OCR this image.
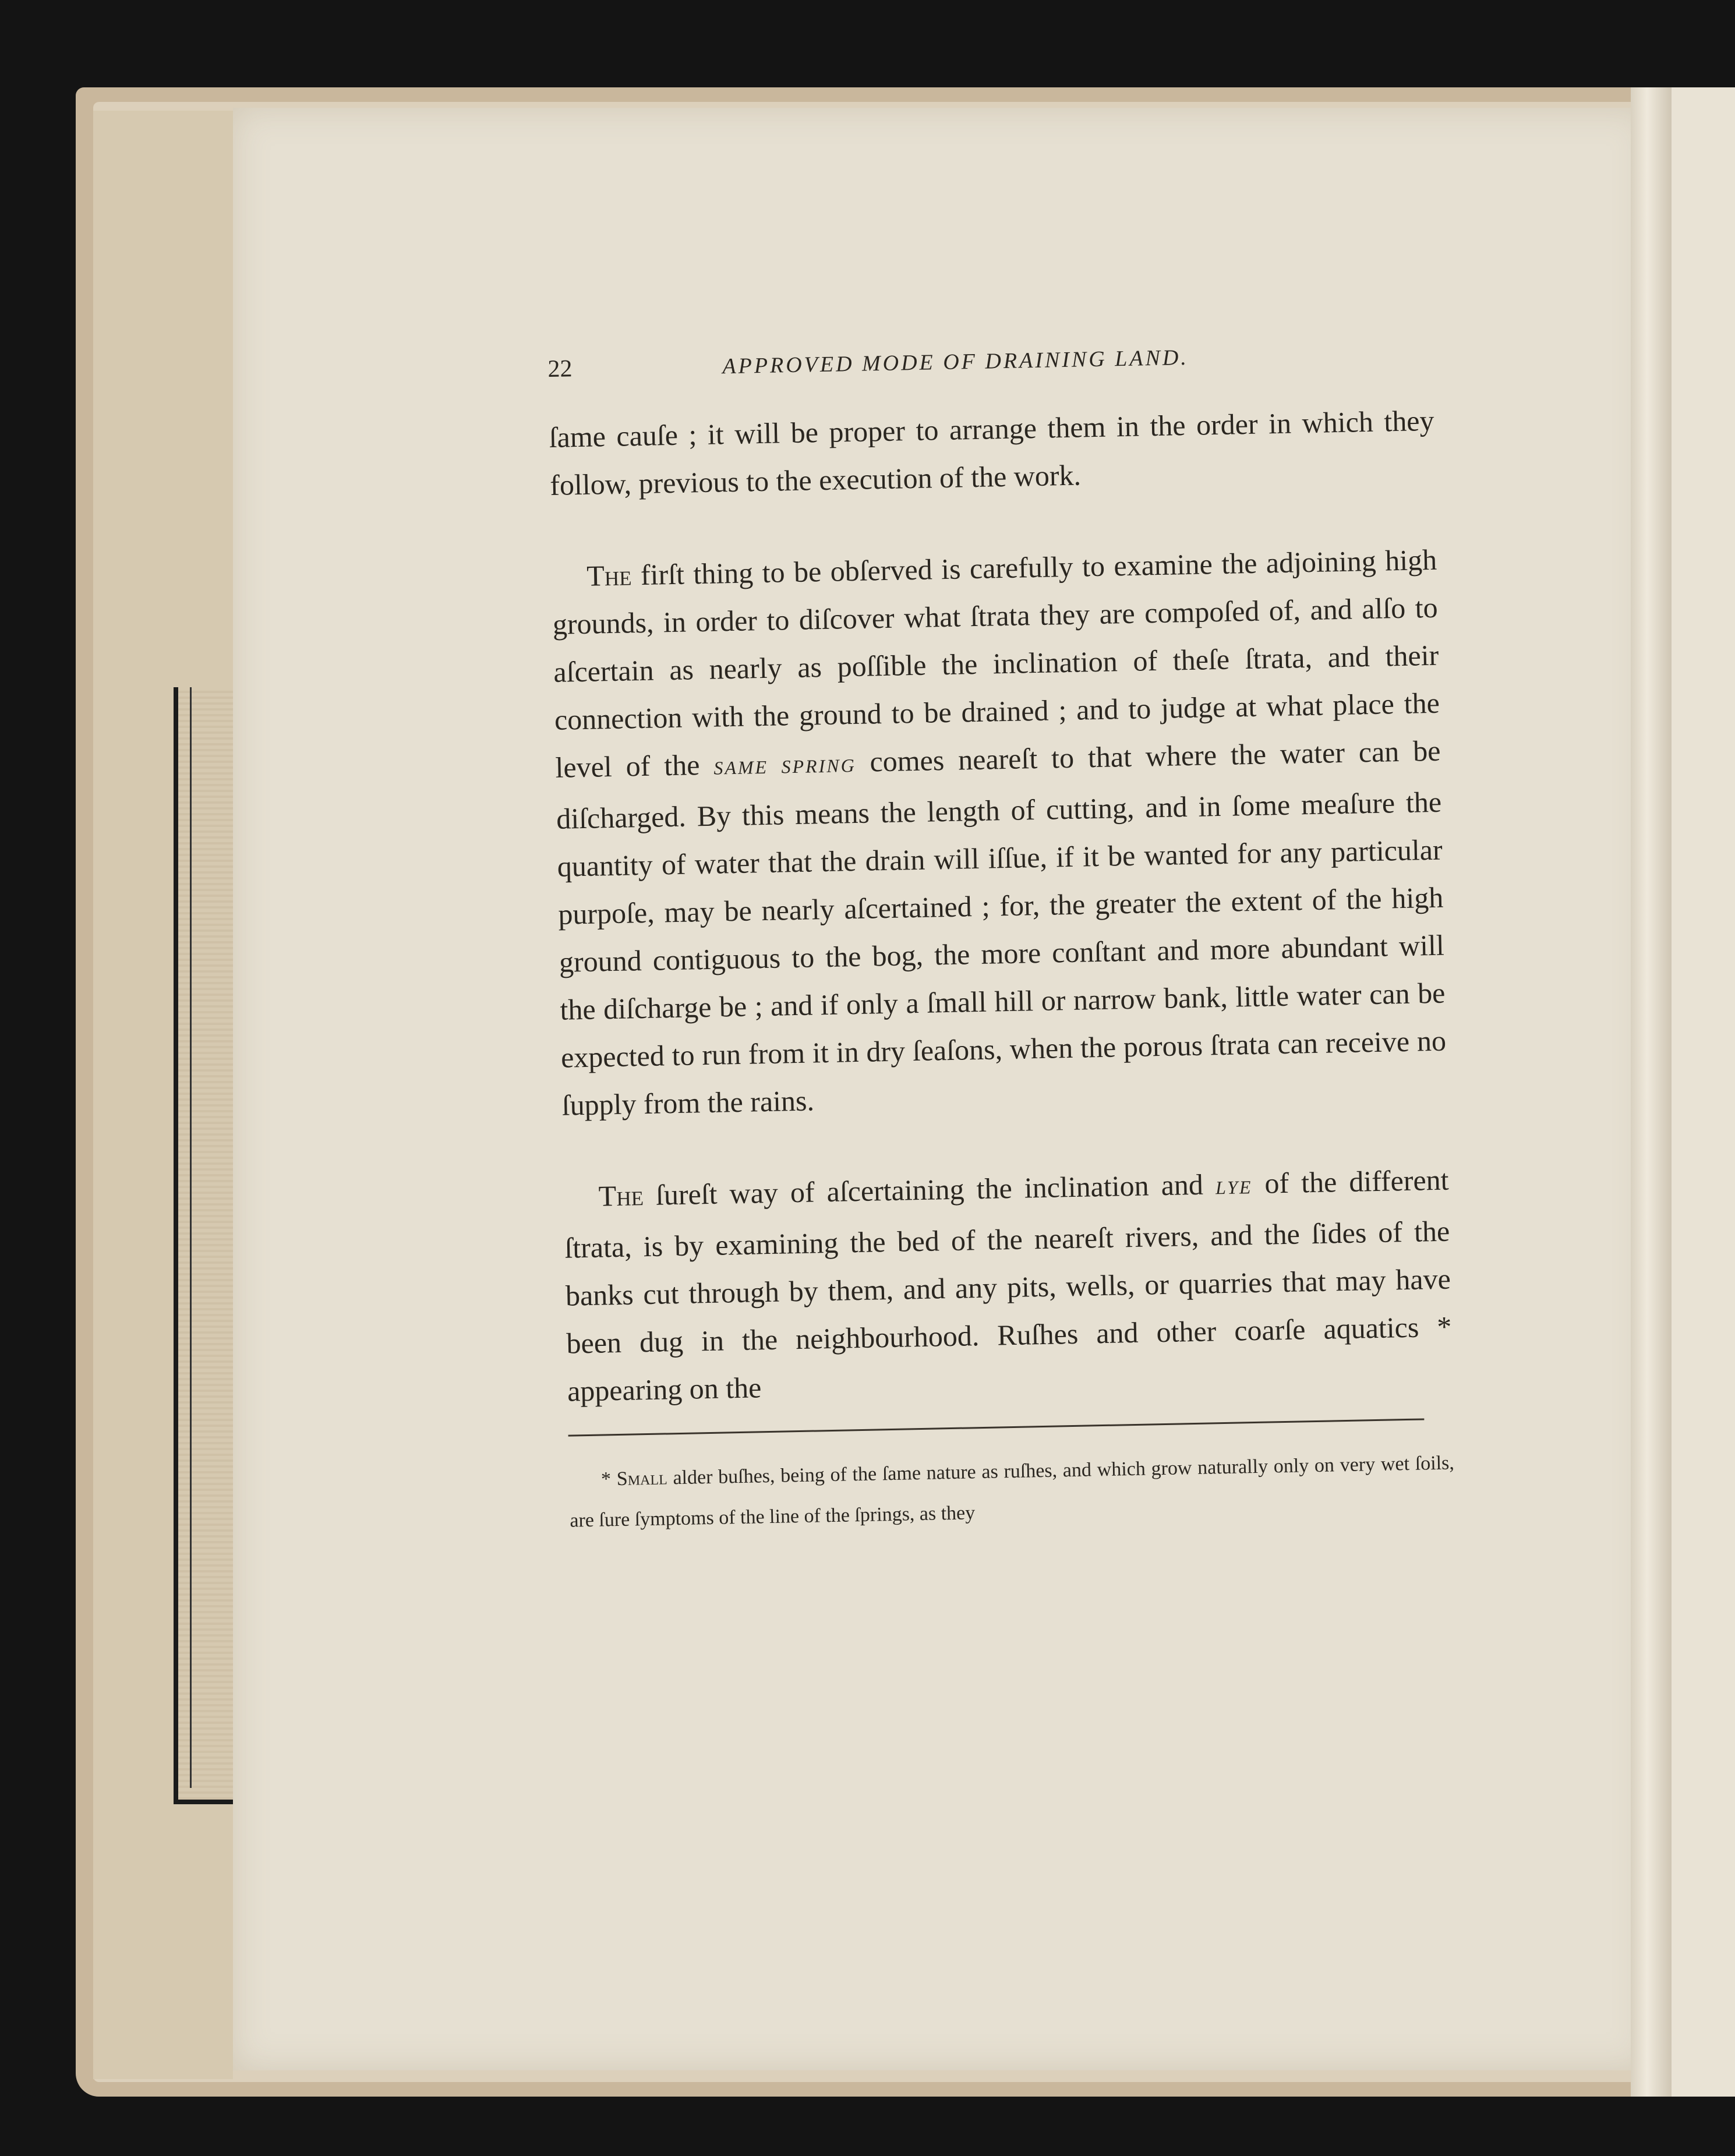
22	APPROVED MODE OF DRAINING LAND.

ſame cauſe ; it will be proper to arrange them in the order in which they follow, previous to the execution of the work.

The firſt thing to be obſerved is carefully to examine the adjoining high grounds, in order to diſcover what ſtrata they are compoſed of, and alſo to aſcertain as nearly as poſſible the inclination of theſe ſtrata, and their connection with the ground to be drained ; and to judge at what place the level of the SAME SPRING comes neareſt to that where the water can be diſcharged. By this means the length of cutting, and in ſome meaſure the quantity of water that the drain will iſſue, if it be wanted for any particular purpoſe, may be nearly aſcertained ; for, the greater the extent of the high ground contiguous to the bog, the more conſtant and more abundant will the diſcharge be ; and if only a ſmall hill or narrow bank, little water can be expected to run from it in dry ſeaſons, when the porous ſtrata can receive no ſupply from the rains.

The ſureſt way of aſcertaining the inclination and LYE of the different ſtrata, is by examining the bed of the neareſt rivers, and the ſides of the banks cut through by them, and any pits, wells, or quarries that may have been dug in the neighbourhood. Ruſhes and other coarſe aquatics * appearing on the

* Small alder buſhes, being of the ſame nature as ruſhes, and which grow naturally only on very wet ſoils, are ſure ſymptoms of the line of the ſprings, as they
